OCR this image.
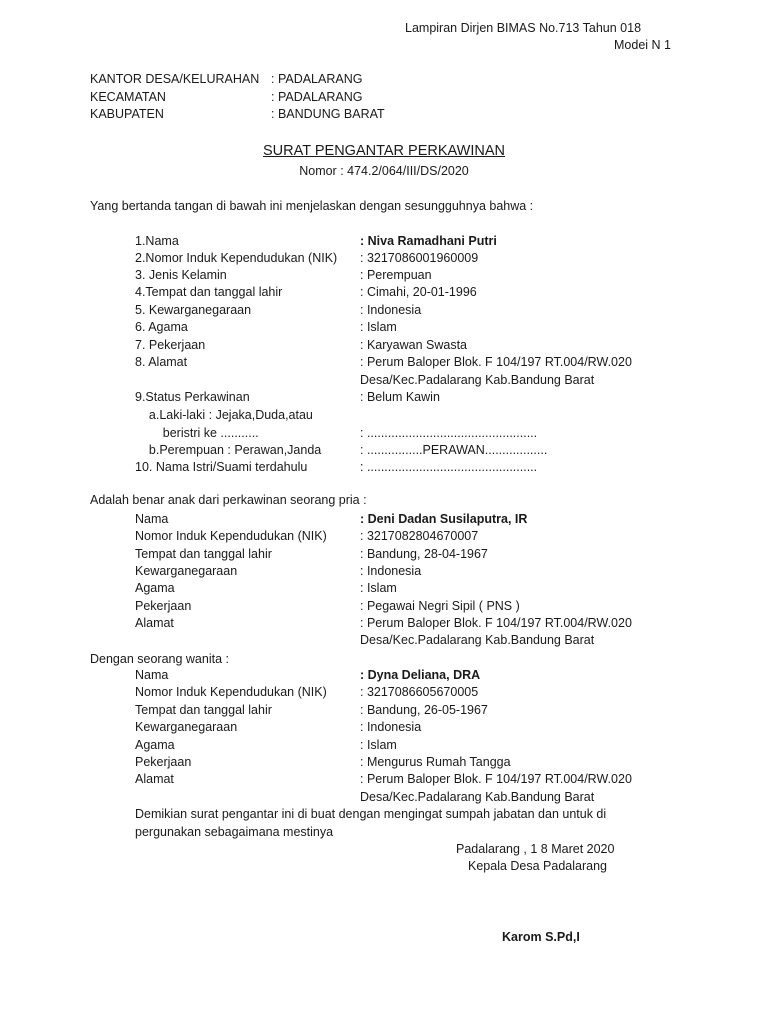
Lampiran Dirjen BIMAS No.713 Tahun 018
Modei N 1
KANTOR DESA/KELURAHAN : PADALARANG
KECAMATAN	: PADALARANG
KABUPATEN	: BANDUNG BARAT
SURAT PENGANTAR PERKAWINAN
Nomor : 474.2/064/III/DS/2020
Yang bertanda tangan di bawah ini menjelaskan dengan sesungguhnya bahwa :
1.Nama	: Niva Ramadhani Putri
2.Nomor Induk Kependudukan (NIK) : 3217086001960009
3. Jenis Kelamin	: Perempuan
4.Tempat dan tanggal lahir	: Cimahi, 20-01-1996
5. Kewarganegaraan	: Indonesia
6. Agama	: Islam
7. Pekerjaan	: Karyawan Swasta
8. Alamat	: Perum Baloper Blok. F 104/197 RT.004/RW.020
Desa/Kec.Padalarang Kab.Bandung Barat
9.Status Perkawinan	: Belum Kawin
a.Laki-laki : Jejaka,Duda,atau
beristri ke ...........	: .................................................
b.Perempuan : Perawan,Janda	: ................PERAWAN..................
10. Nama Istri/Suami terdahulu	: .................................................
Adalah benar anak dari perkawinan seorang pria :
Nama	: Deni Dadan Susilaputra, IR
Nomor Induk Kependudukan (NIK)	: 3217082804670007
Tempat dan tanggal lahir	: Bandung, 28-04-1967
Kewarganegaraan	: Indonesia
Agama	: Islam
Pekerjaan	: Pegawai Negri Sipil ( PNS )
Alamat	: Perum Baloper Blok. F 104/197 RT.004/RW.020
Desa/Kec.Padalarang Kab.Bandung Barat
Dengan seorang wanita :
Nama	: Dyna Deliana, DRA
Nomor Induk Kependudukan (NIK)	: 3217086605670005
Tempat dan tanggal lahir	: Bandung, 26-05-1967
Kewarganegaraan	: Indonesia
Agama	: Islam
Pekerjaan	: Mengurus Rumah Tangga
Alamat	: Perum Baloper Blok. F 104/197 RT.004/RW.020
Desa/Kec.Padalarang Kab.Bandung Barat
Demikian surat pengantar ini di buat dengan mengingat sumpah jabatan dan untuk di
pergunakan sebagaimana mestinya
Padalarang , 1 8 Maret 2020
Kepala Desa Padalarang
Karom S.Pd,I
